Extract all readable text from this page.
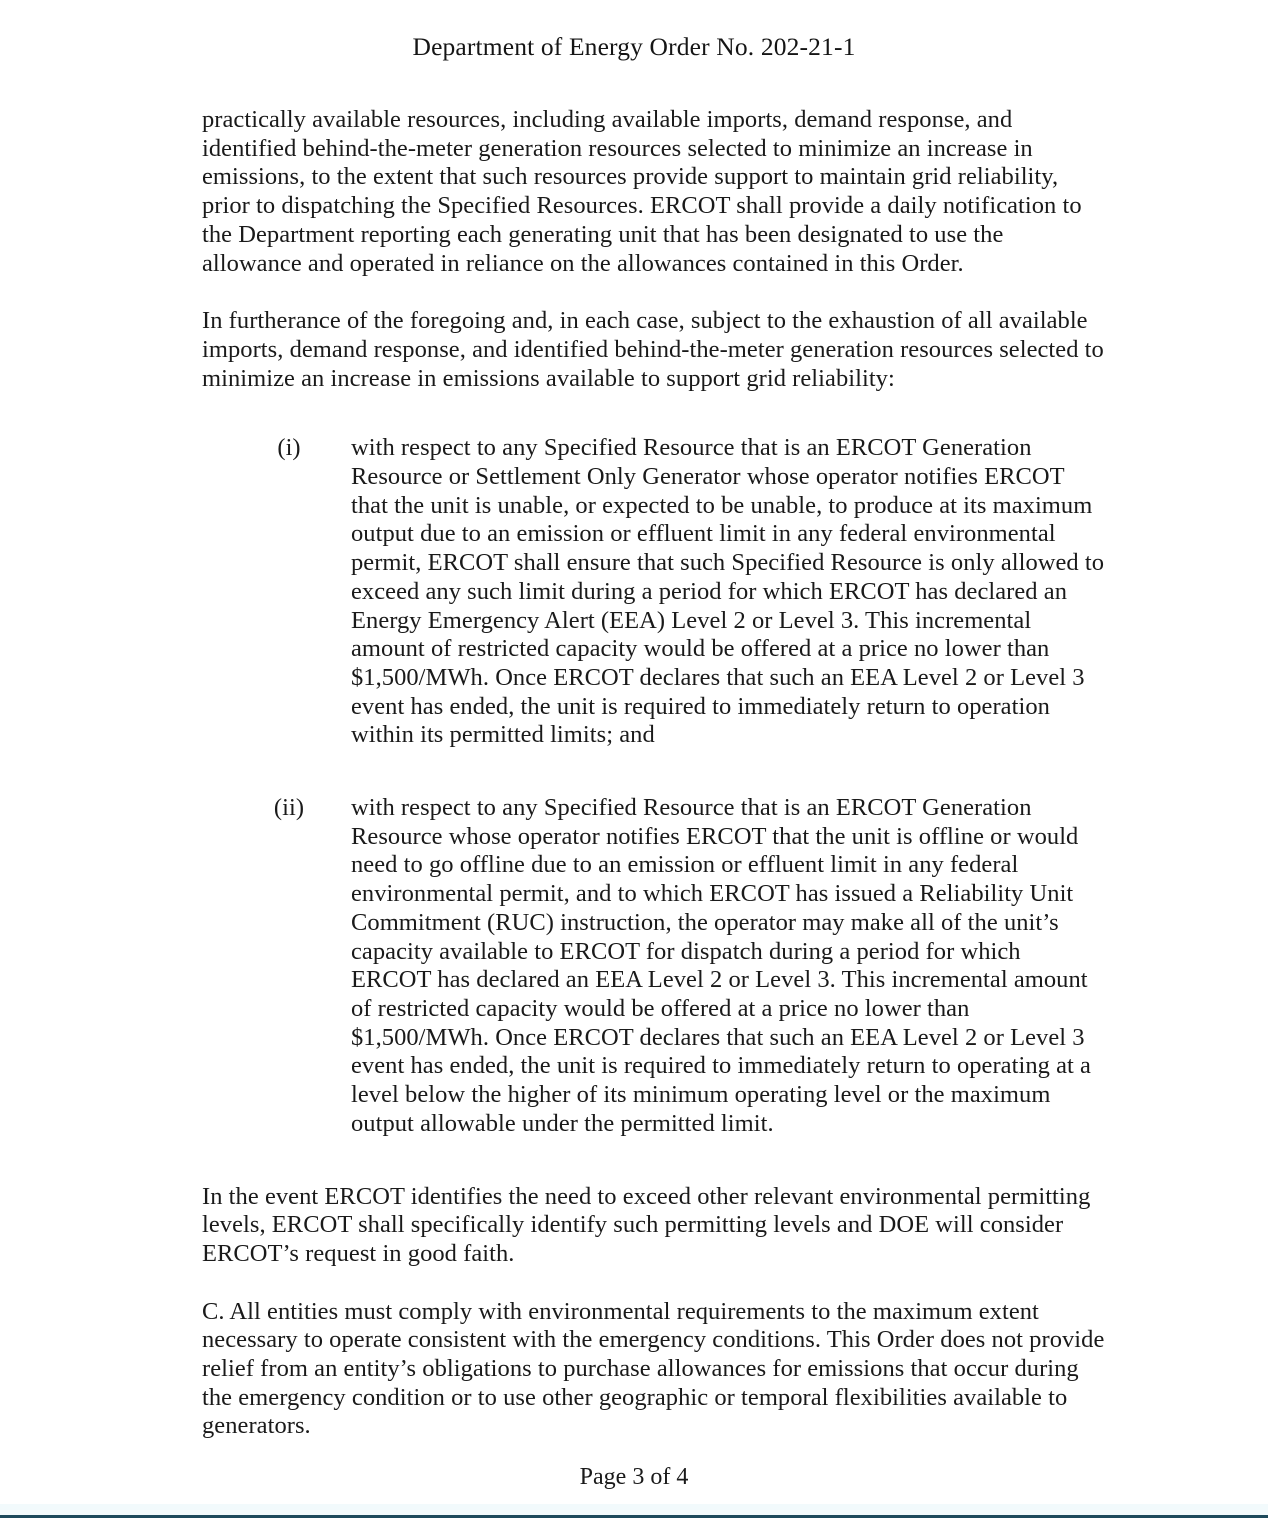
Department of Energy Order No. 202-21-1

practically available resources, including available imports, demand response, and identified behind-the-meter generation resources selected to minimize an increase in emissions, to the extent that such resources provide support to maintain grid reliability, prior to dispatching the Specified Resources. ERCOT shall provide a daily notification to the Department reporting each generating unit that has been designated to use the allowance and operated in reliance on the allowances contained in this Order.

In furtherance of the foregoing and, in each case, subject to the exhaustion of all available imports, demand response, and identified behind-the-meter generation resources selected to minimize an increase in emissions available to support grid reliability:

(i)	with respect to any Specified Resource that is an ERCOT Generation Resource or Settlement Only Generator whose operator notifies ERCOT that the unit is unable, or expected to be unable, to produce at its maximum output due to an emission or effluent limit in any federal environmental permit, ERCOT shall ensure that such Specified Resource is only allowed to exceed any such limit during a period for which ERCOT has declared an Energy Emergency Alert (EEA) Level 2 or Level 3. This incremental amount of restricted capacity would be offered at a price no lower than $1,500/MWh. Once ERCOT declares that such an EEA Level 2 or Level 3 event has ended, the unit is required to immediately return to operation within its permitted limits; and
(ii)	with respect to any Specified Resource that is an ERCOT Generation Resource whose operator notifies ERCOT that the unit is offline or would need to go offline due to an emission or effluent limit in any federal environmental permit, and to which ERCOT has issued a Reliability Unit Commitment (RUC) instruction, the operator may make all of the unit’s capacity available to ERCOT for dispatch during a period for which ERCOT has declared an EEA Level 2 or Level 3. This incremental amount of restricted capacity would be offered at a price no lower than $1,500/MWh. Once ERCOT declares that such an EEA Level 2 or Level 3 event has ended, the unit is required to immediately return to operating at a level below the higher of its minimum operating level or the maximum output allowable under the permitted limit.

In the event ERCOT identifies the need to exceed other relevant environmental permitting levels, ERCOT shall specifically identify such permitting levels and DOE will consider ERCOT’s request in good faith.

C. All entities must comply with environmental requirements to the maximum extent necessary to operate consistent with the emergency conditions. This Order does not provide relief from an entity’s obligations to purchase allowances for emissions that occur during the emergency condition or to use other geographic or temporal flexibilities available to generators.

Page 3 of 4
